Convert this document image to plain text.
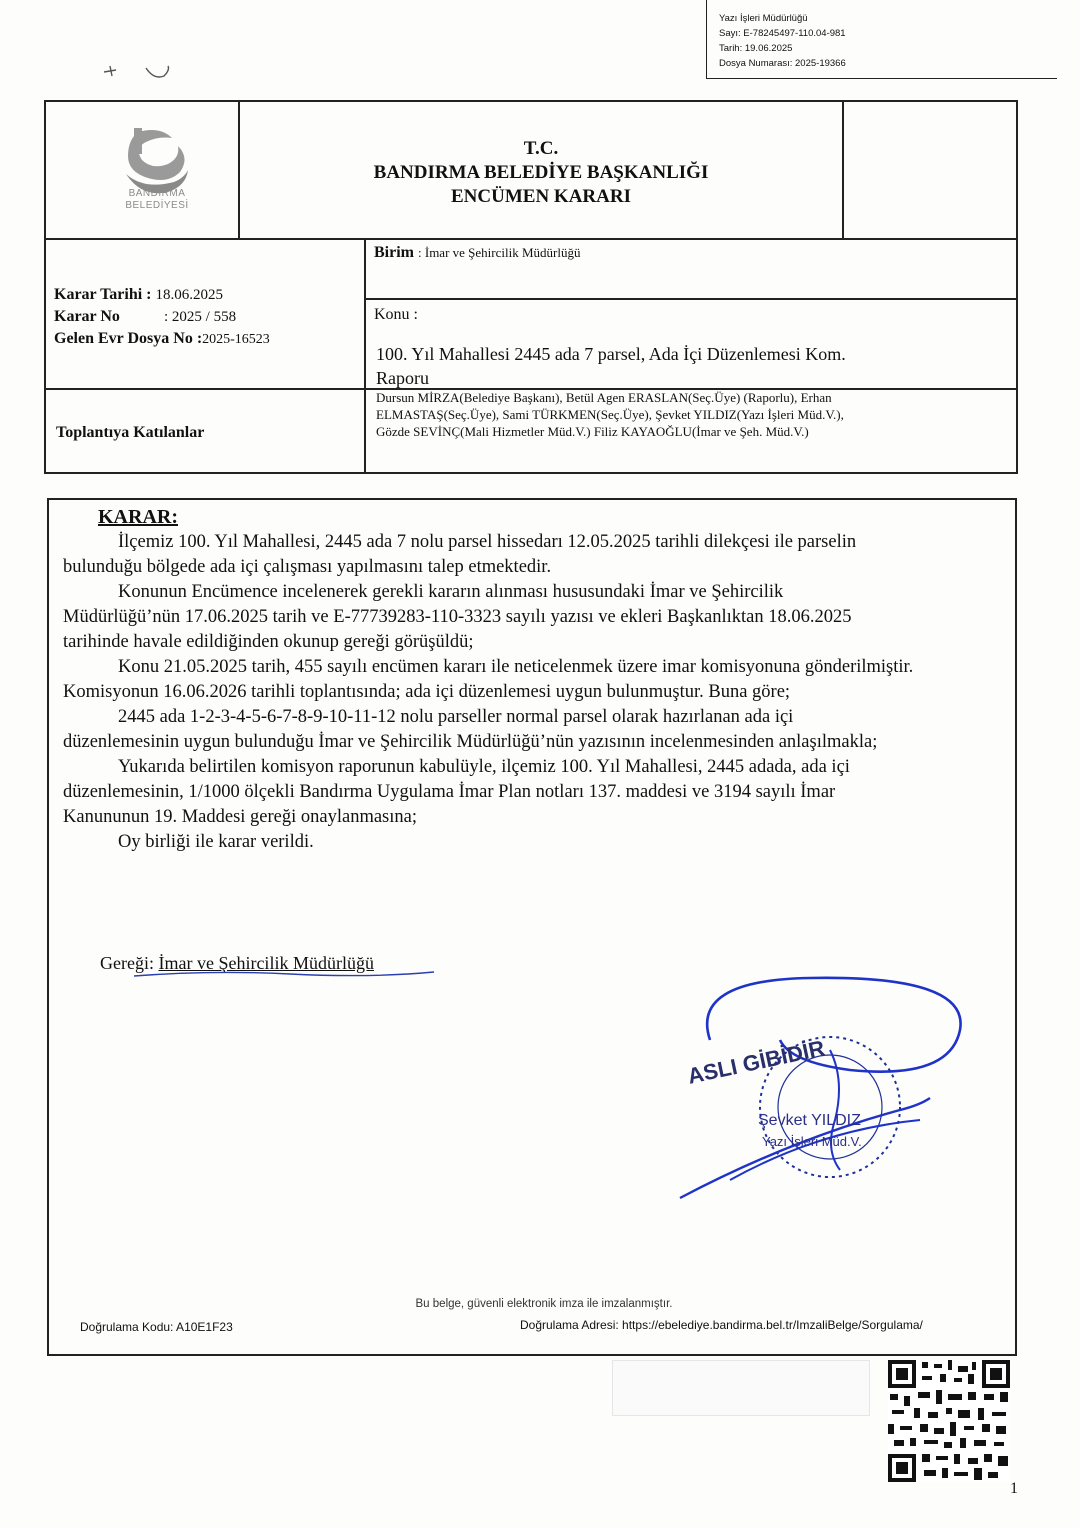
Yazı İşleri Müdürlüğü
Sayı: E-78245497-110.04-981
Tarih: 19.06.2025
Dosya Numarası: 2025-19366
BANDIRMA
BELEDİYESİ
T.C.
BANDIRMA BELEDİYE BAŞKANLIĞI
ENCÜMEN KARARI
Karar Tarihi : 18.06.2025
Karar No	: 2025 / 558
Gelen Evr Dosya No :2025-16523
Birim : İmar ve Şehircilik Müdürlüğü
Konu :
100. Yıl Mahallesi 2445 ada 7 parsel, Ada İçi Düzenlemesi Kom.
Raporu
Toplantıya Katılanlar
Dursun MİRZA(Belediye Başkanı), Betül Agen ERASLAN(Seç.Üye) (Raporlu), Erhan
ELMASTAŞ(Seç.Üye), Sami TÜRKMEN(Seç.Üye), Şevket YILDIZ(Yazı İşleri Müd.V.),
Gözde SEVİNÇ(Mali Hizmetler Müd.V.) Filiz KAYAOĞLU(İmar ve Şeh. Müd.V.)
KARAR:
İlçemiz 100. Yıl Mahallesi, 2445 ada 7 nolu parsel hissedarı 12.05.2025 tarihli dilekçesi ile parselin
bulunduğu bölgede ada içi çalışması yapılmasını talep etmektedir.
Konunun Encümence incelenerek gerekli kararın alınması hususundaki İmar ve Şehircilik
Müdürlüğü’nün 17.06.2025 tarih ve E-77739283-110-3323 sayılı yazısı ve ekleri Başkanlıktan 18.06.2025
tarihinde havale edildiğinden okunup gereği görüşüldü;
Konu 21.05.2025 tarih, 455 sayılı encümen kararı ile neticelenmek üzere imar komisyonuna gönderilmiştir.
Komisyonun 16.06.2026 tarihli toplantısında; ada içi düzenlemesi uygun bulunmuştur. Buna göre;
2445 ada 1-2-3-4-5-6-7-8-9-10-11-12 nolu parseller normal parsel olarak hazırlanan ada içi
düzenlemesinin uygun bulunduğu İmar ve Şehircilik Müdürlüğü’nün yazısının incelenmesinden anlaşılmakla;
Yukarıda belirtilen komisyon raporunun kabulüyle, ilçemiz 100. Yıl Mahallesi, 2445 adada, ada içi
düzenlemesinin, 1/1000 ölçekli Bandırma Uygulama İmar Plan notları 137. maddesi ve 3194 sayılı İmar
Kanununun 19. Maddesi gereği onaylanmasına;
Oy birliği ile karar verildi.
Gereği: İmar ve Şehircilik Müdürlüğü
ASLI GİBİDİR
Şevket YILDIZ
Yazı İşleri Müd.V.
Bu belge, güvenli elektronik imza ile imzalanmıştır.
Doğrulama Kodu: A10E1F23	Doğrulama Adresi: https://ebelediye.bandirma.bel.tr/ImzaliBelge/Sorgulama/
1
